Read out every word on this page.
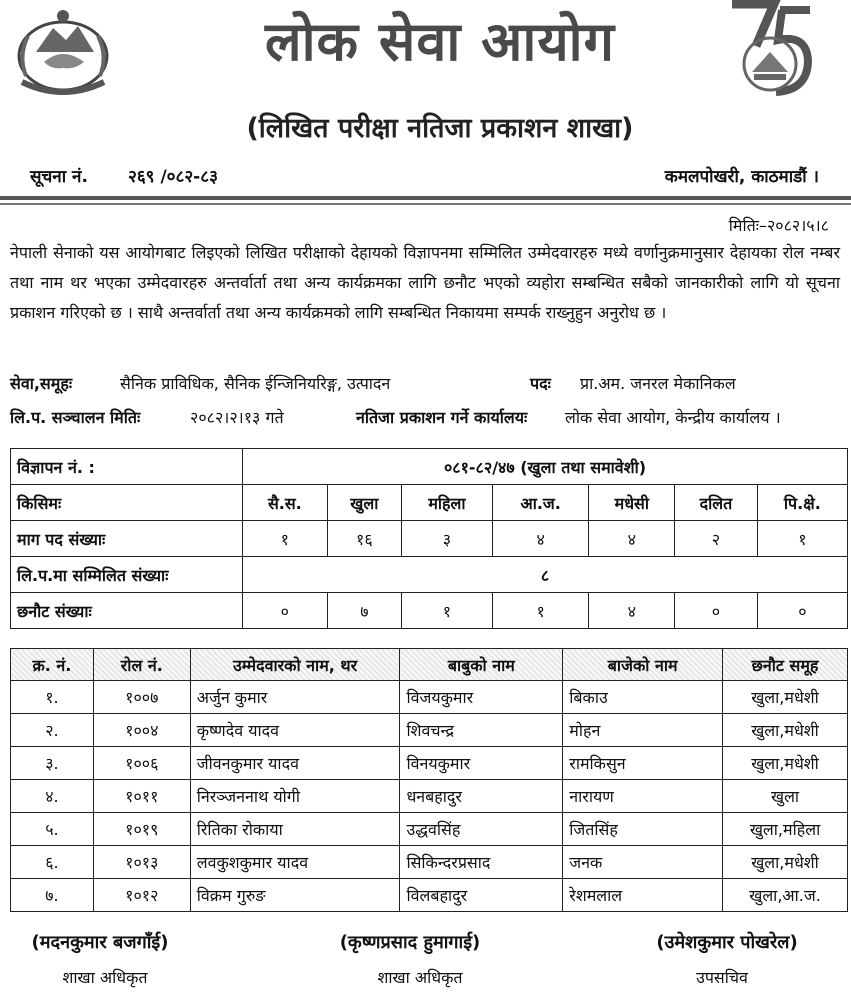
लोक सेवा आयोग
(लिखित परीक्षा नतिजा प्रकाशन शाखा)
सूचना नं. २६९ /०८२-८३	कमलपोखरी, काठमाडौं ।
मितिः–२०८२।५।८
नेपाली सेनाको यस आयोगबाट लिइएको लिखित परीक्षाको देहायको विज्ञापनमा सम्मिलित उम्मेदवारहरु मध्ये वर्णानुक्रमानुसार देहायका रोल नम्बर तथा नाम थर भएका उम्मेदवारहरु अन्तर्वार्ता तथा अन्य कार्यक्रमका लागि छनौट भएको व्यहोरा सम्बन्धित सबैको जानकारीको लागि यो सूचना प्रकाशन गरिएको छ । साथै अन्तर्वार्ता तथा अन्य कार्यक्रमको लागि सम्बन्धित निकायमा सम्पर्क राख्नुहुन अनुरोध छ ।
सेवा,समूहः	सैनिक प्राविधिक, सैनिक ईन्जिनियरिङ्ग, उत्पादन	पदः प्रा.अम. जनरल मेकानिकल
लि.प. सञ्चालन मितिः	२०८२।२।१३ गते	नतिजा प्रकाशन गर्ने कार्यालयः लोक सेवा आयोग, केन्द्रीय कार्यालय ।
विज्ञापन नं. :	०८१-८२/४७ (खुला तथा समावेशी)						
किसिमः	सै.स.	खुला	महिला	आ.ज.	मधेसी	दलित	पि.क्षे.
माग पद संख्याः	१	१६	३	४	४	२	१
लि.प.मा सम्मिलित संख्याः	८						
छनौट संख्याः	०	७	१	१	४	०	०
क्र. नं.	रोल नं.	उम्मेदवारको नाम, थर	बाबुको नाम	बाजेको नाम	छनौट समूह
१.	१००७	अर्जुन कुमार	विजयकुमार	बिकाउ	खुला,मधेशी
२.	१००४	कृष्णदेव यादव	शिवचन्द्र	मोहन	खुला,मधेशी
३.	१००६	जीवनकुमार यादव	विनयकुमार	रामकिसुन	खुला,मधेशी
४.	१०११	निरञ्जननाथ योगी	धनबहादुर	नारायण	खुला
५.	१०१९	रितिका रोकाया	उद्धवसिंह	जितसिंह	खुला,महिला
६.	१०१३	लवकुशकुमार यादव	सिकिन्दरप्रसाद	जनक	खुला,मधेशी
७.	१०१२	विक्रम गुरुङ	विलबहादुर	रेशमलाल	खुला,आ.ज.
(मदनकुमार बजगाँई)
शाखा अधिकृत
(कृष्णप्रसाद हुमागाई)
शाखा अधिकृत
(उमेशकुमार पोखरेल)
उपसचिव
